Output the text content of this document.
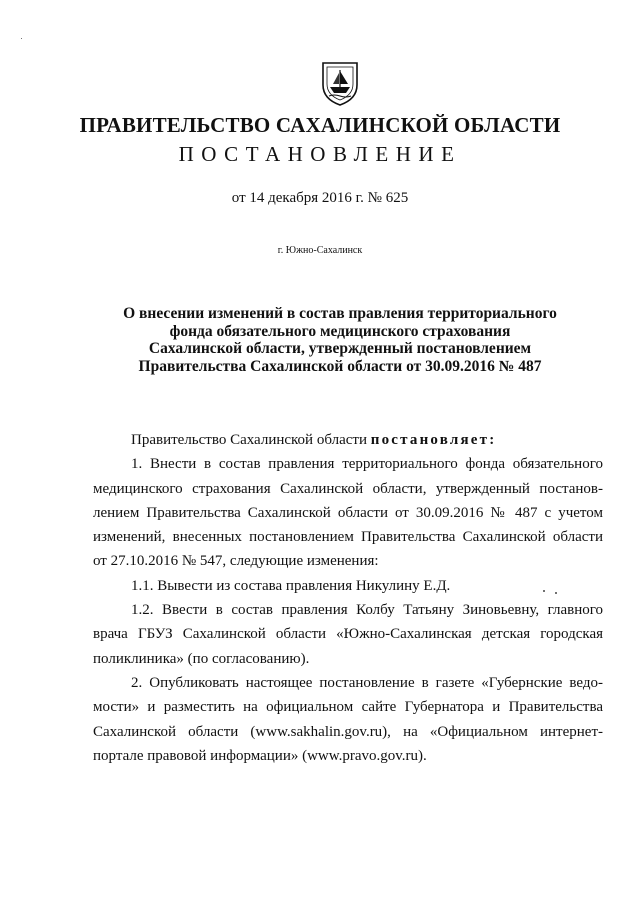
ПРАВИТЕЛЬСТВО САХАЛИНСКОЙ ОБЛАСТИ
ПОСТАНОВЛЕНИЕ
от 14 декабря 2016 г. № 625
г. Южно-Сахалинск
О внесении изменений в состав правления территориального
фонда обязательного медицинского страхования
Сахалинской области, утвержденный постановлением
Правительства Сахалинской области от 30.09.2016 № 487

Правительство Сахалинской области постановляет:

1. Внести в состав правления территориального фонда обязательного
медицинского страхования Сахалинской области, утвержденный постанов-
лением Правительства Сахалинской области от 30.09.2016 № 487 с учетом
изменений, внесенных постановлением Правительства Сахалинской области
от 27.10.2016 № 547, следующие изменения:

1.1. Вывести из состава правления Никулину Е.Д.

1.2. Ввести в состав правления Колбу Татьяну Зиновьевну, главного
врача ГБУЗ Сахалинской области «Южно-Сахалинская детская городская
поликлиника» (по согласованию).

2. Опубликовать настоящее постановление в газете «Губернские ведо-
мости» и разместить на официальном сайте Губернатора и Правительства
Сахалинской области (www.sakhalin.gov.ru), на «Официальном интернет-
портале правовой информации» (www.pravo.gov.ru).
